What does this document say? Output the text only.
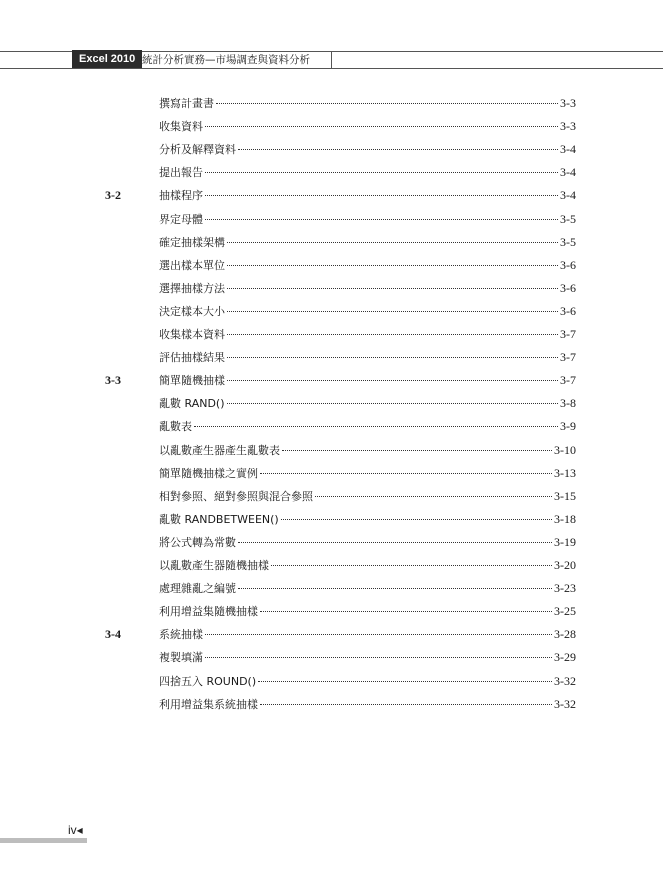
Excel 2010 統計分析實務—市場調查與資料分析
撰寫計畫書	3-3
收集資料	3-3
分析及解釋資料	3-4
提出報告	3-4
3-2	抽樣程序	3-4
界定母體	3-5
確定抽樣架構	3-5
選出樣本單位	3-6
選擇抽樣方法	3-6
決定樣本大小	3-6
收集樣本資料	3-7
評估抽樣結果	3-7
3-3	簡單隨機抽樣	3-7
亂數 RAND()	3-8
亂數表	3-9
以亂數產生器產生亂數表	3-10
簡單隨機抽樣之實例	3-13
相對參照、絕對參照與混合參照	3-15
亂數 RANDBETWEEN()	3-18
將公式轉為常數	3-19
以亂數產生器隨機抽樣	3-20
處理雜亂之編號	3-23
利用增益集隨機抽樣	3-25
3-4	系統抽樣	3-28
複製填滿	3-29
四捨五入 ROUND()	3-32
利用增益集系統抽樣	3-32
iv◂
